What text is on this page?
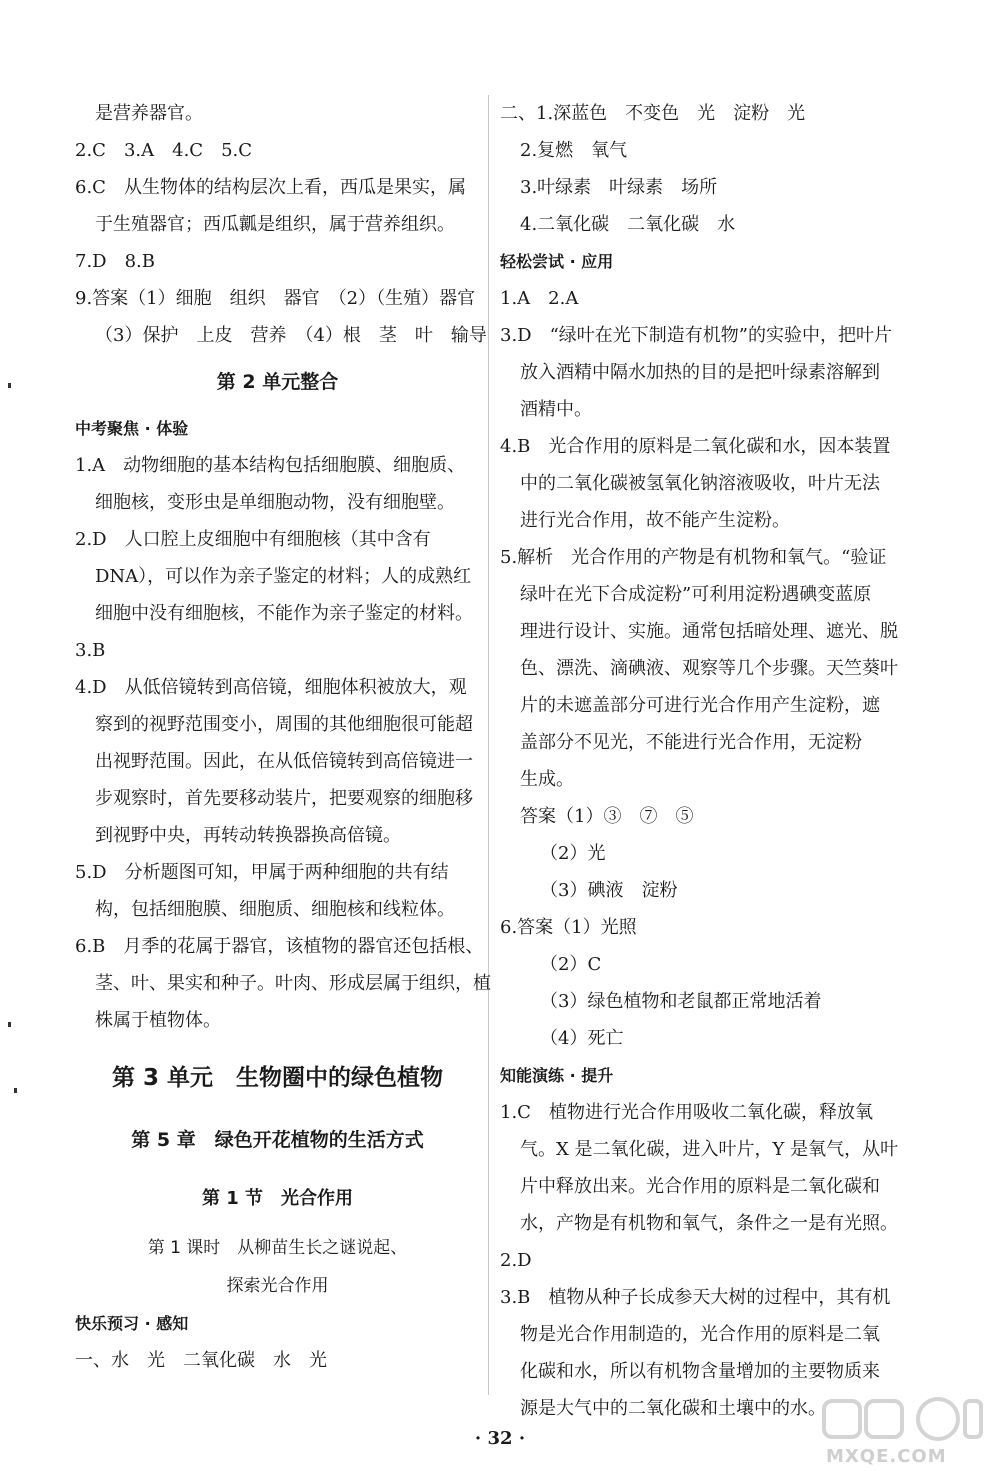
是营养器官。
2.C　3.A　4.C　5.C
6.C　从生物体的结构层次上看，西瓜是果实，属
于生殖器官；西瓜瓤是组织，属于营养组织。
7.D　8.B
9.答案（1）细胞　组织　器官　（2）（生殖）器官
（3）保护　上皮　营养　（4）根　茎　叶　输导
第 2 单元整合
中考聚焦 · 体验
1.A　动物细胞的基本结构包括细胞膜、细胞质、
细胞核，变形虫是单细胞动物，没有细胞壁。
2.D　人口腔上皮细胞中有细胞核（其中含有
DNA），可以作为亲子鉴定的材料；人的成熟红
细胞中没有细胞核，不能作为亲子鉴定的材料。
3.B
4.D　从低倍镜转到高倍镜，细胞体积被放大，观
察到的视野范围变小，周围的其他细胞很可能超
出视野范围。因此，在从低倍镜转到高倍镜进一
步观察时，首先要移动装片，把要观察的细胞移
到视野中央，再转动转换器换高倍镜。
5.D　分析题图可知，甲属于两种细胞的共有结
构，包括细胞膜、细胞质、细胞核和线粒体。
6.B　月季的花属于器官，该植物的器官还包括根、
茎、叶、果实和种子。叶肉、形成层属于组织，植
株属于植物体。
第 3 单元　生物圈中的绿色植物
第 5 章　绿色开花植物的生活方式
第 1 节　光合作用
第 1 课时　从柳苗生长之谜说起、
探索光合作用
快乐预习 · 感知
一、水　光　二氧化碳　水　光
二、1.深蓝色　不变色　光　淀粉　光
2.复燃　氧气
3.叶绿素　叶绿素　场所
4.二氧化碳　二氧化碳　水
轻松尝试 · 应用
1.A　2.A
3.D　“绿叶在光下制造有机物”的实验中，把叶片
放入酒精中隔水加热的目的是把叶绿素溶解到
酒精中。
4.B　光合作用的原料是二氧化碳和水，因本装置
中的二氧化碳被氢氧化钠溶液吸收，叶片无法
进行光合作用，故不能产生淀粉。
5.解析　光合作用的产物是有机物和氧气。“验证
绿叶在光下合成淀粉”可利用淀粉遇碘变蓝原
理进行设计、实施。通常包括暗处理、遮光、脱
色、漂洗、滴碘液、观察等几个步骤。天竺葵叶
片的未遮盖部分可进行光合作用产生淀粉，遮
盖部分不见光，不能进行光合作用，无淀粉
生成。
答案（1）③　⑦　⑤
（2）光
（3）碘液　淀粉
6.答案（1）光照
（2）C
（3）绿色植物和老鼠都正常地活着
（4）死亡
知能演练 · 提升
1.C　植物进行光合作用吸收二氧化碳，释放氧
气。X 是二氧化碳，进入叶片，Y 是氧气，从叶
片中释放出来。光合作用的原料是二氧化碳和
水，产物是有机物和氧气，条件之一是有光照。
2.D
3.B　植物从种子长成参天大树的过程中，其有机
物是光合作用制造的，光合作用的原料是二氧
化碳和水，所以有机物含量增加的主要物质来
源是大气中的二氧化碳和土壤中的水。
· 32 ·
MXQE.COM
